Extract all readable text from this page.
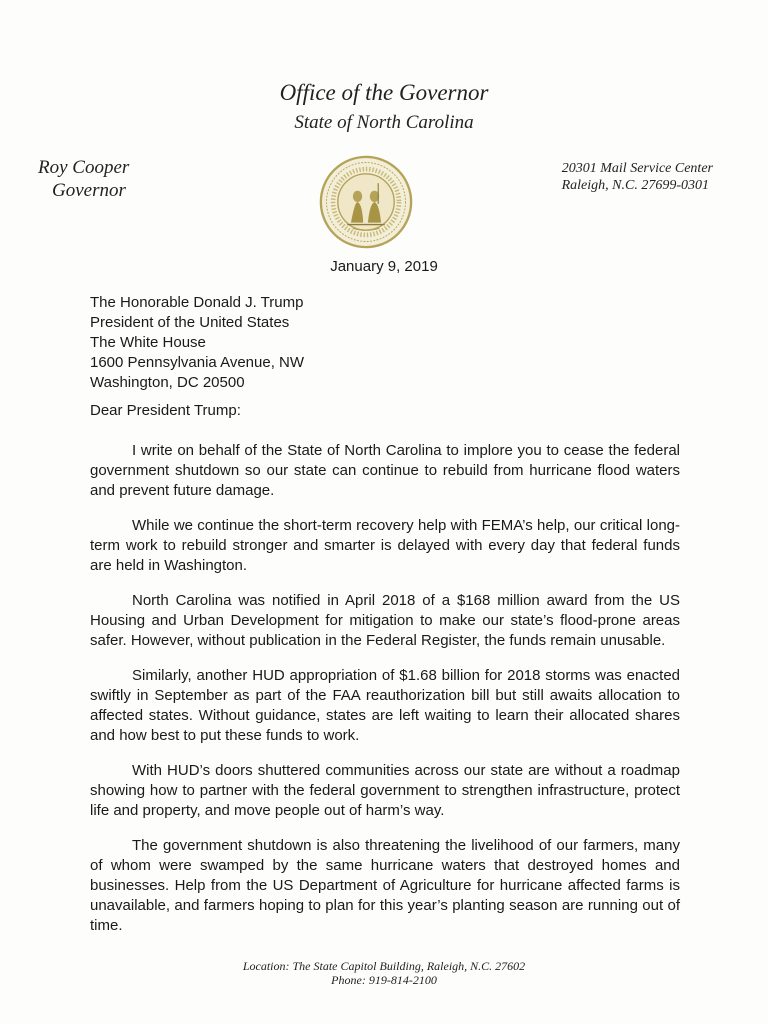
Office of the Governor
State of North Carolina
Roy Cooper
Governor
20301 Mail Service Center
Raleigh, N.C. 27699-0301
January 9, 2019
The Honorable Donald J. Trump
President of the United States
The White House
1600 Pennsylvania Avenue, NW
Washington, DC 20500
Dear President Trump:

I write on behalf of the State of North Carolina to implore you to cease the federal government shutdown so our state can continue to rebuild from hurricane flood waters and prevent future damage.

While we continue the short-term recovery help with FEMA’s help, our critical long-term work to rebuild stronger and smarter is delayed with every day that federal funds are held in Washington.

North Carolina was notified in April 2018 of a $168 million award from the US Housing and Urban Development for mitigation to make our state’s flood-prone areas safer. However, without publication in the Federal Register, the funds remain unusable.

Similarly, another HUD appropriation of $1.68 billion for 2018 storms was enacted swiftly in September as part of the FAA reauthorization bill but still awaits allocation to affected states. Without guidance, states are left waiting to learn their allocated shares and how best to put these funds to work.

With HUD’s doors shuttered communities across our state are without a roadmap showing how to partner with the federal government to strengthen infrastructure, protect life and property, and move people out of harm’s way.

The government shutdown is also threatening the livelihood of our farmers, many of whom were swamped by the same hurricane waters that destroyed homes and businesses. Help from the US Department of Agriculture for hurricane affected farms is unavailable, and farmers hoping to plan for this year’s planting season are running out of time.

Location: The State Capitol Building, Raleigh, N.C. 27602
Phone: 919-814-2100
